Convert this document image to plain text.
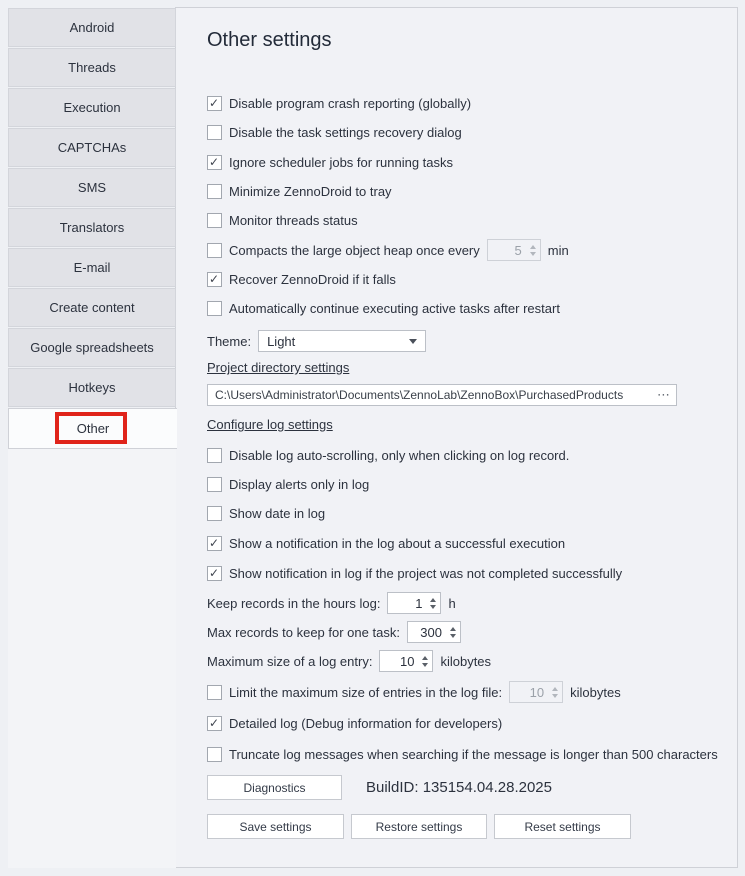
Android
Threads
Execution
CAPTCHAs
SMS
Translators
E-mail
Create content
Google spreadsheets
Hotkeys
Other
Other settings
✓
Disable program crash reporting (globally)
Disable the task settings recovery dialog
✓
Ignore scheduler jobs for running tasks
Minimize ZennoDroid to tray
Monitor threads status
Compacts the large object heap once every	5	min
✓
Recover ZennoDroid if it falls
Automatically continue executing active tasks after restart
Theme: Light
Project directory settings
C:\Users\Administrator\Documents\ZennoLab\ZennoBox\PurchasedProducts	⋯
Configure log settings
Disable log auto-scrolling, only when clicking on log record.
Display alerts only in log
Show date in log
✓
Show a notification in the log about a successful execution
✓
Show notification in log if the project was not completed successfully
Keep records in the hours log:	1	h
Max records to keep for one task:	300
Maximum size of a log entry:	10	kilobytes
Limit the maximum size of entries in the log file:	10	kilobytes
✓
Detailed log (Debug information for developers)
Truncate log messages when searching if the message is longer than 500 characters
Diagnostics	BuildID: 135154.04.28.2025
Save settings	Restore settings	Reset settings
